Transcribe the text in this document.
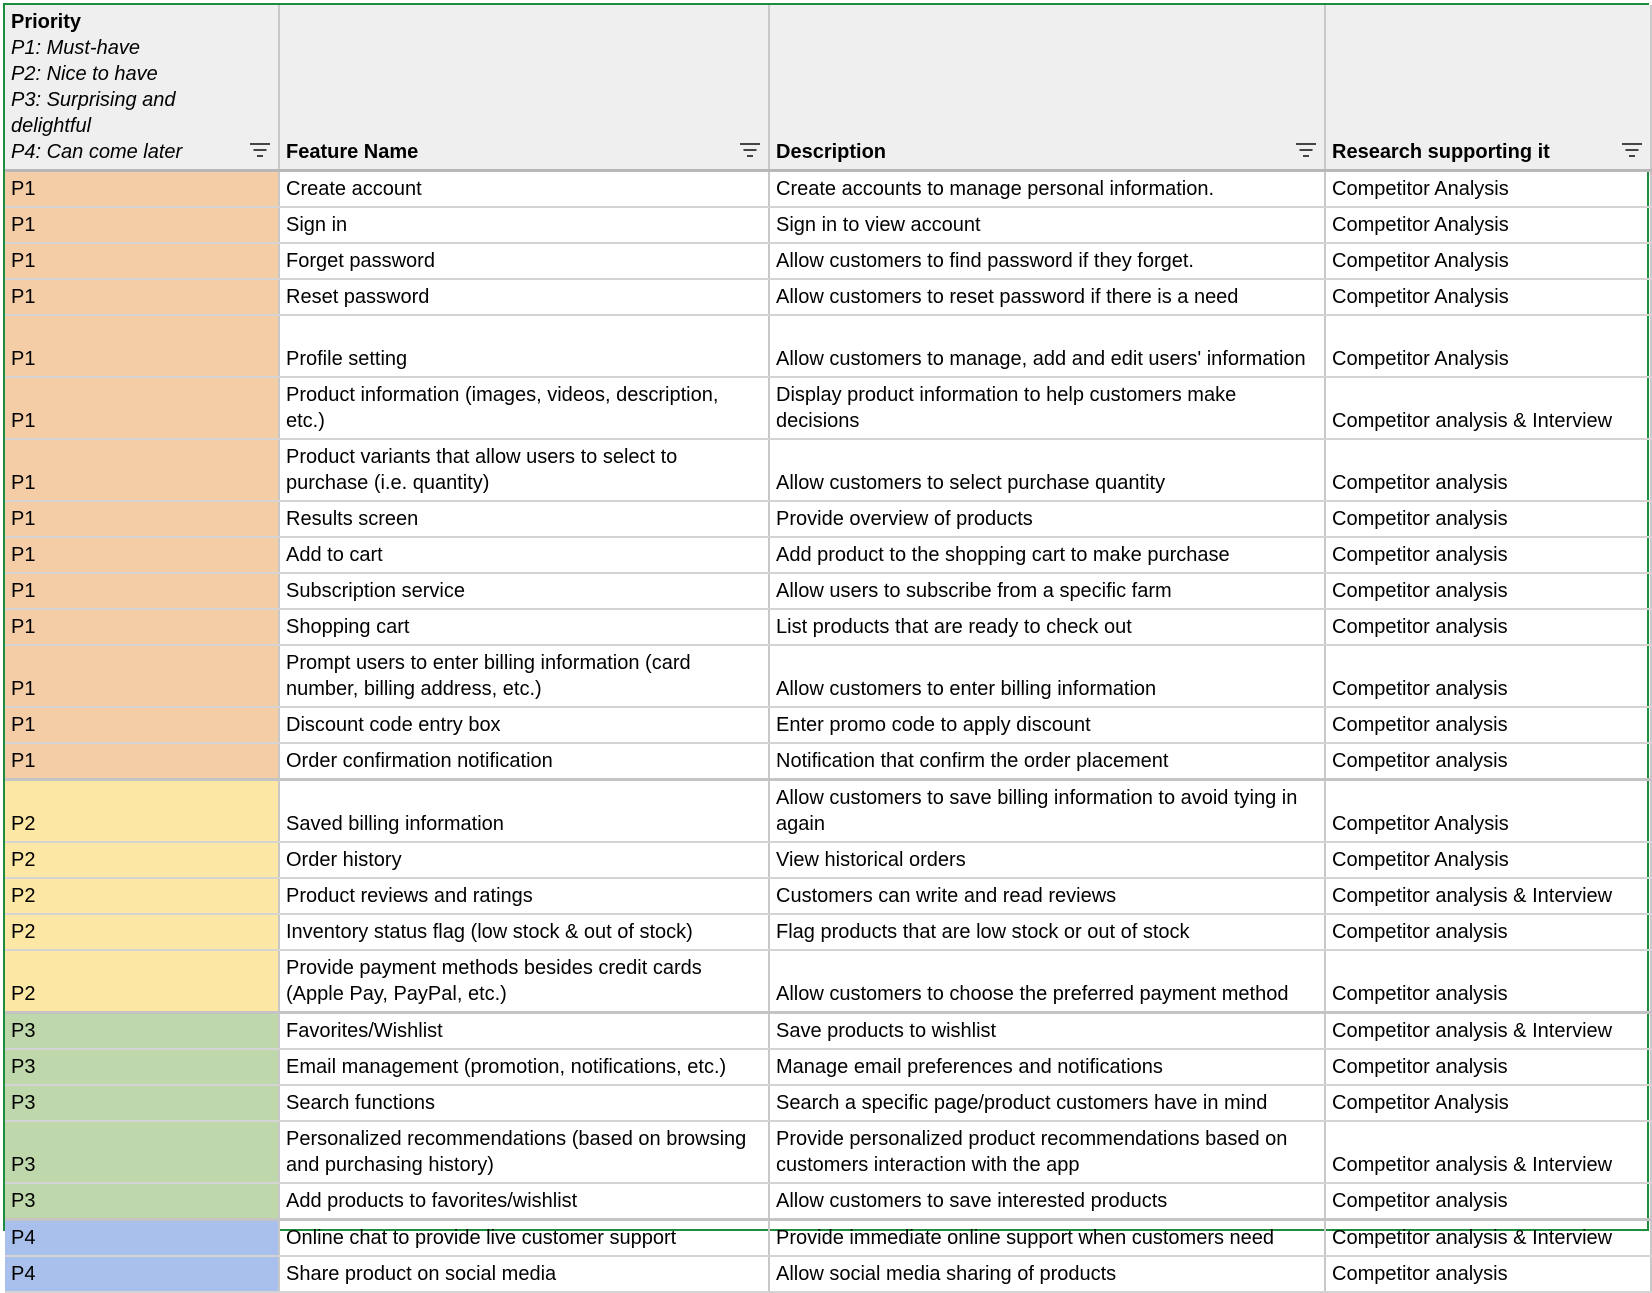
Priority
P1: Must-have
P2: Nice to have
P3: Surprising and delightful
P4: Can come later	Feature Name	Description	Research supporting it

P1	Create account	Create accounts to manage personal information.	Competitor Analysis
P1	Sign in	Sign in to view account	Competitor Analysis
P1	Forget password	Allow customers to find password if they forget.	Competitor Analysis
P1	Reset password	Allow customers to reset password if there is a need	Competitor Analysis
P1	Profile setting	Allow customers to manage, add and edit users' information	Competitor Analysis
P1	Product information (images, videos, description, etc.)	Display product information to help customers make decisions	Competitor analysis & Interview
P1	Product variants that allow users to select to purchase (i.e. quantity)	Allow customers to select purchase quantity	Competitor analysis
P1	Results screen	Provide overview of products	Competitor analysis
P1	Add to cart	Add product to the shopping cart to make purchase	Competitor analysis
P1	Subscription service	Allow users to subscribe from a specific farm	Competitor analysis
P1	Shopping cart	List products that are ready to check out	Competitor analysis
P1	Prompt users to enter billing information (card number, billing address, etc.)	Allow customers to enter billing information	Competitor analysis
P1	Discount code entry box	Enter promo code to apply discount	Competitor analysis
P1	Order confirmation notification	Notification that confirm the order placement	Competitor analysis
P2	Saved billing information	Allow customers to save billing information to avoid tying in again	Competitor Analysis
P2	Order history	View historical orders	Competitor Analysis
P2	Product reviews and ratings	Customers can write and read reviews	Competitor analysis & Interview
P2	Inventory status flag (low stock & out of stock)	Flag products that are low stock or out of stock	Competitor analysis
P2	Provide payment methods besides credit cards (Apple Pay, PayPal, etc.)	Allow customers to choose the preferred payment method	Competitor analysis
P3	Favorites/Wishlist	Save products to wishlist	Competitor analysis & Interview
P3	Email management (promotion, notifications, etc.)	Manage email preferences and notifications	Competitor analysis
P3	Search functions	Search a specific page/product customers have in mind	Competitor Analysis
P3	Personalized recommendations (based on browsing and purchasing history)	Provide personalized product recommendations based on customers interaction with the app	Competitor analysis & Interview
P3	Add products to favorites/wishlist	Allow customers to save interested products	Competitor analysis
P4	Online chat to provide live customer support	Provide immediate online support when customers need	Competitor analysis & Interview
P4	Share product on social media	Allow social media sharing of products	Competitor analysis
